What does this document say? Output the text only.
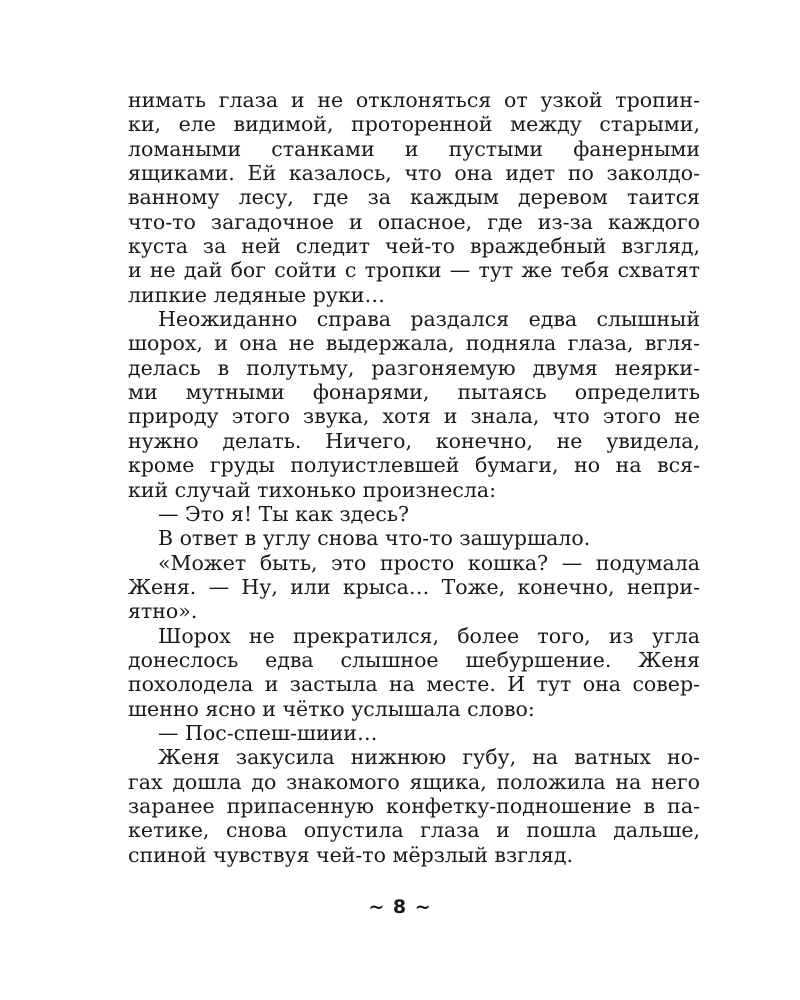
нимать глаза и не отклоняться от узкой тропин-
ки, еле видимой, проторенной между старыми,
ломаными станками и пустыми фанерными
ящиками. Ей казалось, что она идет по заколдо-
ванному лесу, где за каждым деревом таится
что-то загадочное и опасное, где из-за каждого
куста за ней следит чей-то враждебный взгляд,
и не дай бог сойти с тропки — тут же тебя схватят
липкие ледяные руки…
Неожиданно справа раздался едва слышный
шорох, и она не выдержала, подняла глаза, вгля-
делась в полутьму, разгоняемую двумя неярки-
ми мутными фонарями, пытаясь определить
природу этого звука, хотя и знала, что этого не
нужно делать. Ничего, конечно, не увидела,
кроме груды полуистлевшей бумаги, но на вся-
кий случай тихонько произнесла:
— Это я! Ты как здесь?
В ответ в углу снова что-то зашуршало.
«Может быть, это просто кошка? — подумала
Женя. — Ну, или крыса… Тоже, конечно, непри-
ятно».
Шорох не прекратился, более того, из угла
донеслось едва слышное шебуршение. Женя
похолодела и застыла на месте. И тут она совер-
шенно ясно и чётко услышала слово:
— Пос-спеш-шиии…
Женя закусила нижнюю губу, на ватных но-
гах дошла до знакомого ящика, положила на него
заранее припасенную конфетку-подношение в па-
кетике, снова опустила глаза и пошла дальше,
спиной чувствуя чей-то мёрзлый взгляд.
~ 8 ~
